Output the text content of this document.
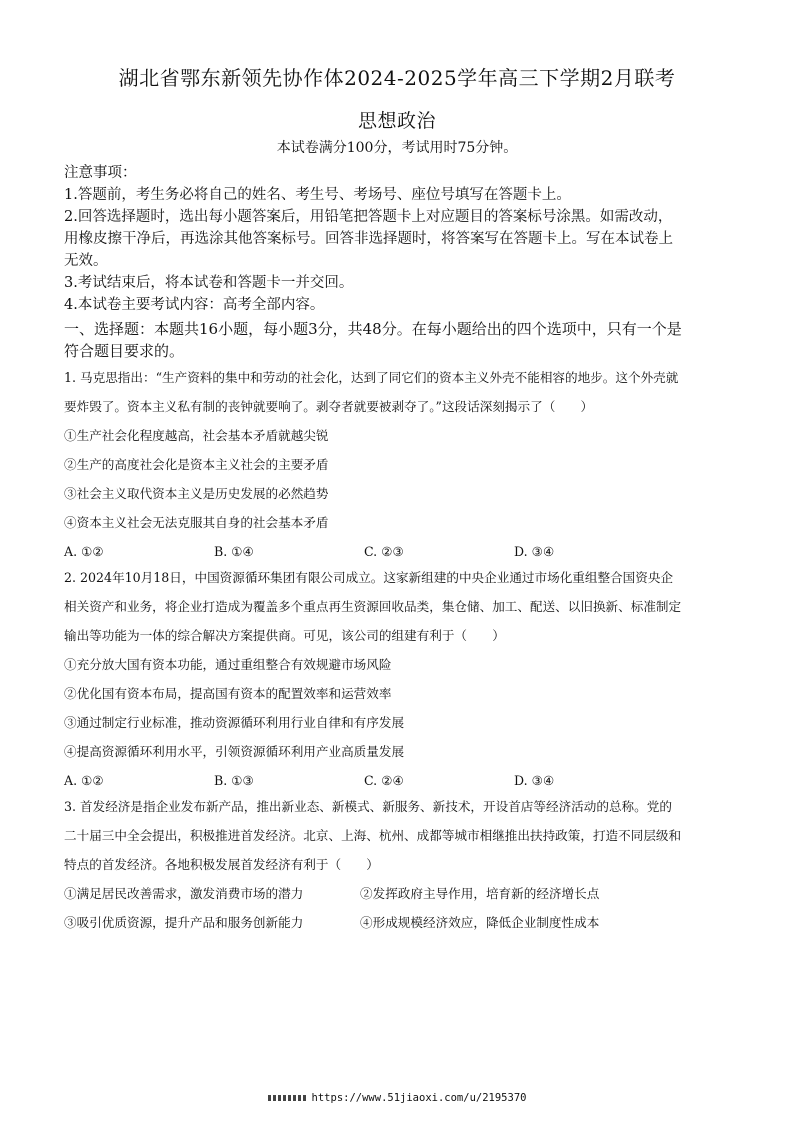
湖北省鄂东新领先协作体2024-2025学年高三下学期2月联考
思想政治
本试卷满分100分，考试用时75分钟。

注意事项：

1.答题前，考生务必将自己的姓名、考生号、考场号、座位号填写在答题卡上。

2.回答选择题时，选出每小题答案后，用铅笔把答题卡上对应题目的答案标号涂黑。如需改动，用橡皮擦干净后，再选涂其他答案标号。回答非选择题时，将答案写在答题卡上。写在本试卷上无效。

3.考试结束后，将本试卷和答题卡一并交回。

4.本试卷主要考试内容：高考全部内容。

一、选择题：本题共16小题，每小题3分，共48分。在每小题给出的四个选项中，只有一个是符合题目要求的。

1. 马克思指出：“生产资料的集中和劳动的社会化，达到了同它们的资本主义外壳不能相容的地步。这个外壳就要炸毁了。资本主义私有制的丧钟就要响了。剥夺者就要被剥夺了。”这段话深刻揭示了（　　）

①生产社会化程度越高，社会基本矛盾就越尖锐

②生产的高度社会化是资本主义社会的主要矛盾

③社会主义取代资本主义是历史发展的必然趋势

④资本主义社会无法克服其自身的社会基本矛盾

A. ①②	B. ①④	C. ②③	D. ③④

2. 2024年10月18日，中国资源循环集团有限公司成立。这家新组建的中央企业通过市场化重组整合国资央企相关资产和业务，将企业打造成为覆盖多个重点再生资源回收品类，集仓储、加工、配送、以旧换新、标准制定输出等功能为一体的综合解决方案提供商。可见，该公司的组建有利于（　　）

①充分放大国有资本功能，通过重组整合有效规避市场风险

②优化国有资本布局，提高国有资本的配置效率和运营效率

③通过制定行业标准，推动资源循环利用行业自律和有序发展

④提高资源循环利用水平，引领资源循环利用产业高质量发展

A. ①②	B. ①③	C. ②④	D. ③④

3. 首发经济是指企业发布新产品，推出新业态、新模式、新服务、新技术，开设首店等经济活动的总称。党的二十届三中全会提出，积极推进首发经济。北京、上海、杭州、成都等城市相继推出扶持政策，打造不同层级和特点的首发经济。各地积极发展首发经济有利于（　　）

①满足居民改善需求，激发消费市场的潜力	②发挥政府主导作用，培育新的经济增长点
③吸引优质资源，提升产品和服务创新能力	④形成规模经济效应，降低企业制度性成本
https://www.51jiaoxi.com/u/2195370
